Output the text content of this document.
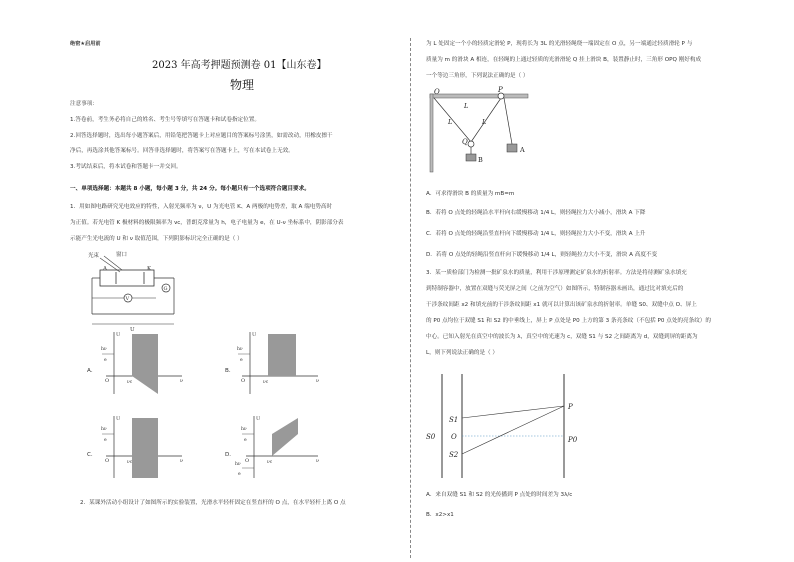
绝密★启用前
2023 年高考押题预测卷 01【山东卷】
物理
注意事项：
1.答卷前，考生务必将自己的姓名、考生号等填写在答题卡和试卷指定位置。
2.回答选择题时，选出每小题答案后，用铅笔把答题卡上对应题目的答案标号涂黑，如需改动，用橡皮擦干
净后，再选涂其他答案标号。回答非选择题时，将答案写在答题卡上，写在本试卷上无效。
3.考试结束后，将本试卷和答题卡一并交回。
一、单项选择题：本题共 8 小题，每小题 3 分，共 24 分。每小题只有一个选项符合题目要求。
1．用如图电路研究光电效应的特性，入射光频率为 ν，U 为光电管 K、A 两极的电势差，取 A 端电势高时
为正值。若光电管 K 极材料的极限频率为 νc，普朗克常量为 h，电子电量为 e，在 U-ν 坐标系中，阴影部分表
示能产生光电流的 U 和 ν 取值范围，下列阴影标识完全正确的是（ ）
光束	窗口
A	K
V
G
U
A．
U
ν
O	νc
hν
e
B．
U
ν
O	νc
hν
e
C．
U
ν
O	νc
hν
e
D．
U
ν
O	νc
hν
e
hν
e
2．某课外活动小组设计了如图所示的实验装置，光滑水平轻杆固定在竖直杆的 O 点，在水平轻杆上离 O 点
为 L 处固定一个小的轻质定滑轮 P，现将长为 3L 的光滑轻绳绕一端固定在 O 点，另一端通过轻质滑轮 P 与
质量为 m 的滑块 A 相连，在轻绳的上通过轻质的光滑滑轮 Q 挂上滑块 B，装置静止时，三角形 OPQ 刚好构成
一个等边三角形，下列说法正确的是（ ）
O	P
Q
A
B
L
L	L
A．可求得滑块 B 的质量为 mB=m
B．若将 O 点处的轻绳沿水平杆向右缓慢移动 1/4 L，则轻绳拉力大小减小，滑块 A 下降
C．若将 O 点处的轻绳沿竖直杆向下缓慢移动 1/4 L，则轻绳拉力大小不变，滑块 A 上升
D．若将 O 点处的轻绳沿竖直杆向下缓慢移动 1/4 L，则轻绳拉力大小不变，滑块 A 高度不变
3．某一质检部门为检测一批矿泉水的质量，利用干涉原理测定矿泉水的折射率。方法是将待测矿泉水填充
到特制容器中，放置在双缝与荧光屏之间（之前为空气）如图所示，特制容器未画出，通过比对填充后的
干涉条纹间距 x2 和填充前的干涉条纹间距 x1 就可以计算出该矿泉水的折射率。单缝 S0、双缝中点 O、屏上
的 P0 点均位于双缝 S1 和 S2 的中垂线上，屏上 P 点处是 P0 上方的第 3 条亮条纹（不包括 P0 点处的亮条纹）的
中心。已知入射光在真空中的波长为 λ，真空中的光速为 c，双缝 S1 与 S2 之间距离为 d，双缝到屏的距离为
L，则下列说法正确的是（ ）
S0
S1
S2
O
P
P0
A．来自双缝 S1 和 S2 的光传播到 P 点处的时间差为 3λ/c
B．x2>x1
